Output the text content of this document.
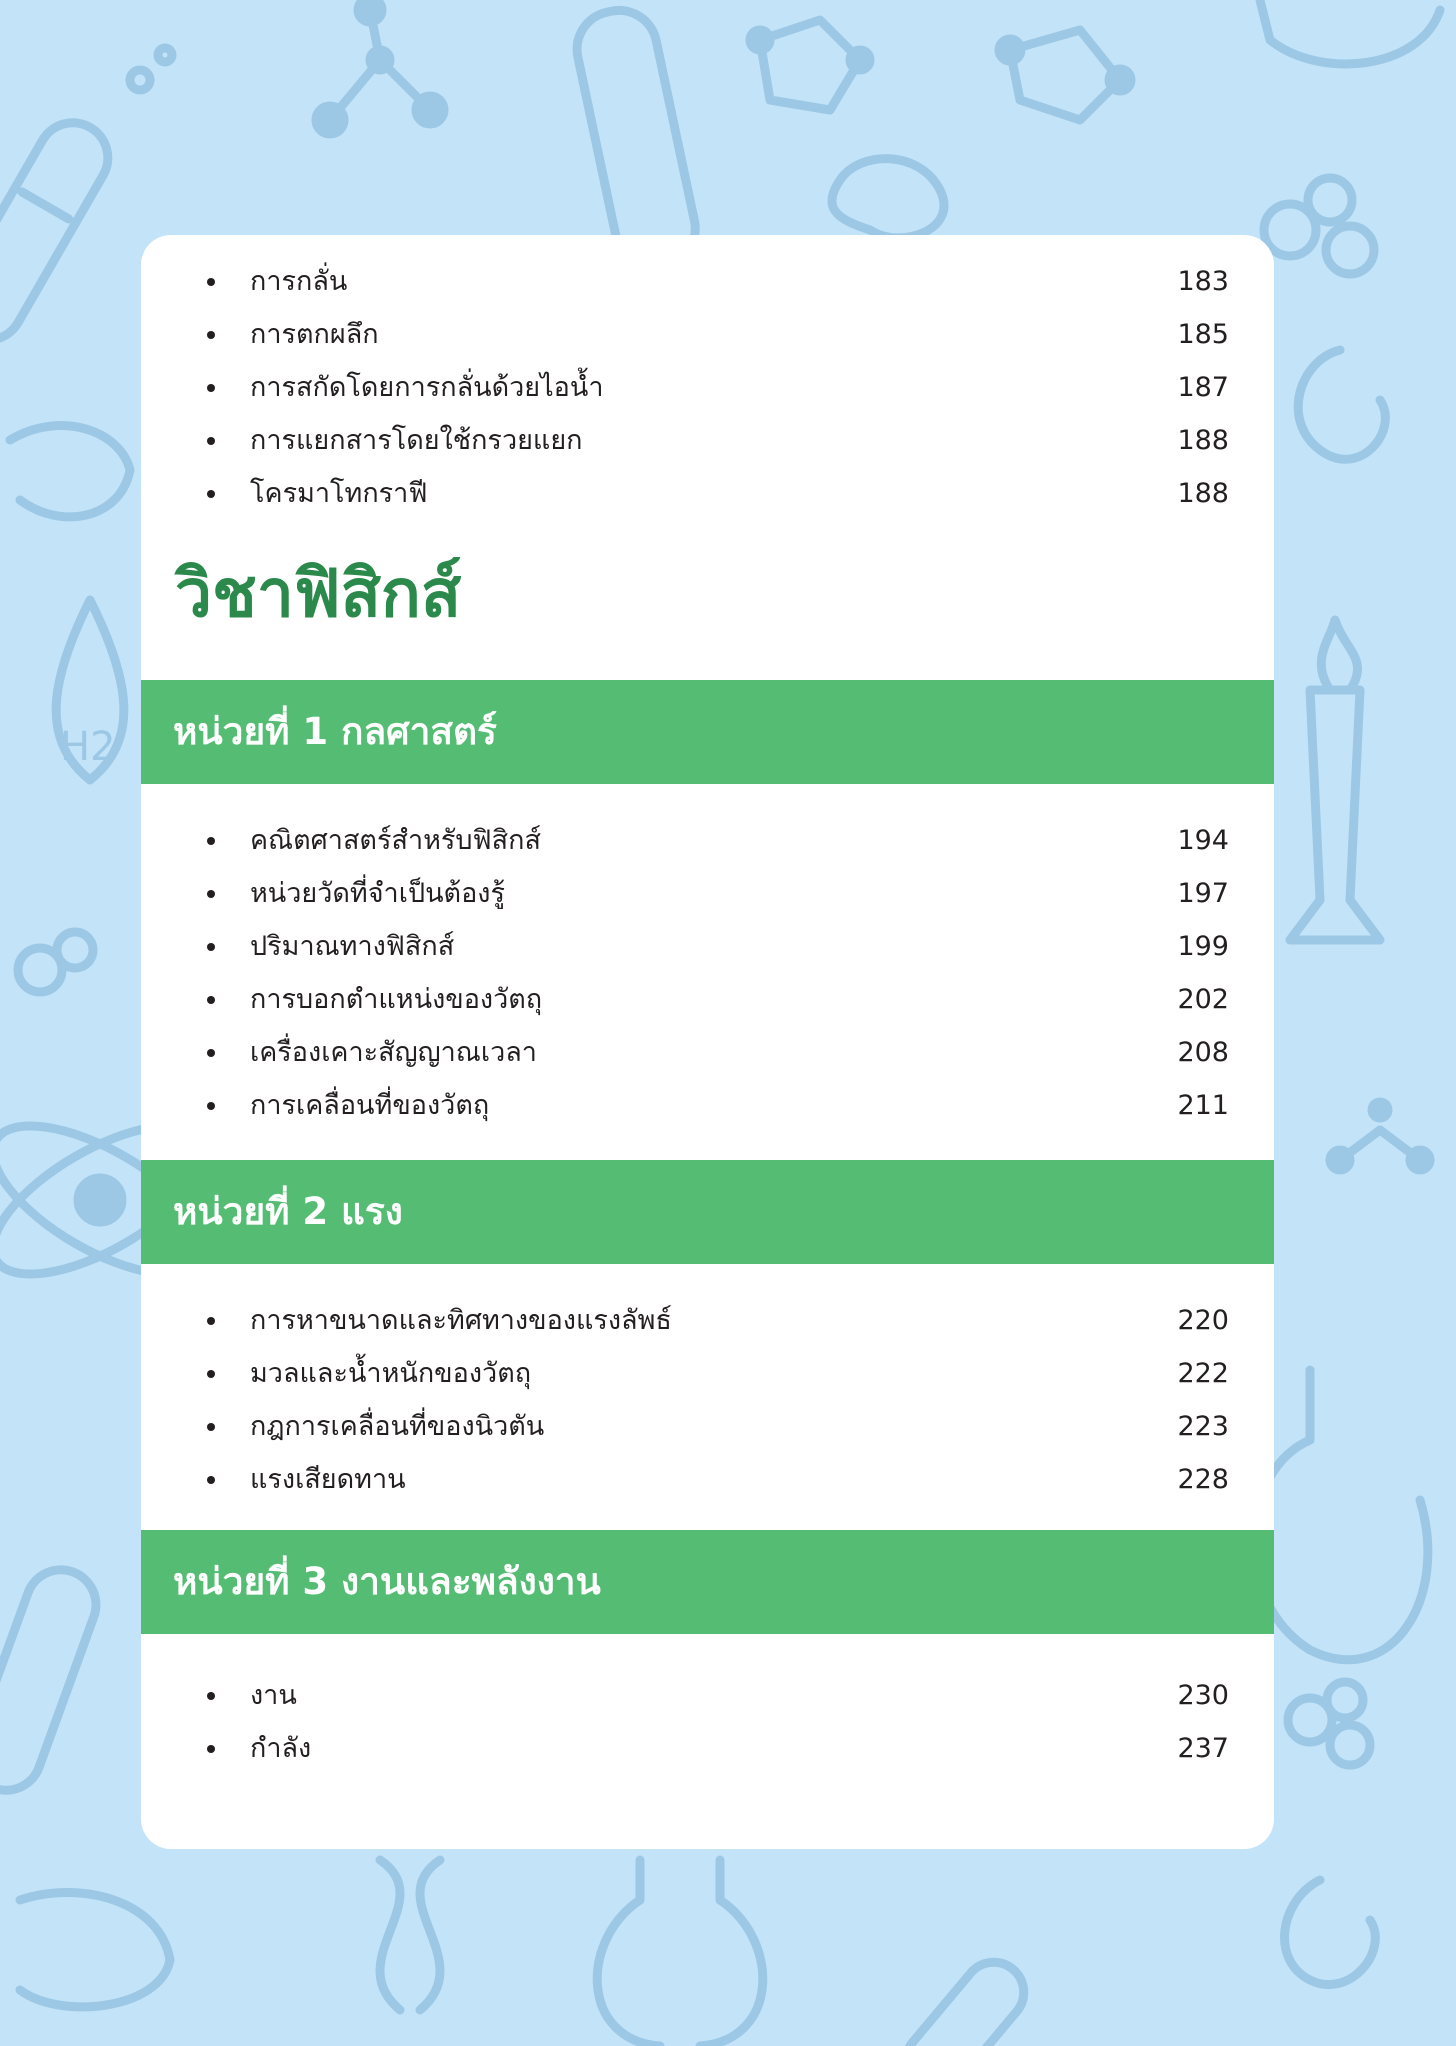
H2
การกลั่น	183
การตกผลึก	185
การสกัดโดยการกลั่นด้วยไอน้ำ	187
การแยกสารโดยใช้กรวยแยก	188
โครมาโทกราฟี	188
วิชาฟิสิกส์
หน่วยที่ 1 กลศาสตร์
คณิตศาสตร์สำหรับฟิสิกส์	194
หน่วยวัดที่จำเป็นต้องรู้	197
ปริมาณทางฟิสิกส์	199
การบอกตำแหน่งของวัตถุ	202
เครื่องเคาะสัญญาณเวลา	208
การเคลื่อนที่ของวัตถุ	211
หน่วยที่ 2 แรง
การหาขนาดและทิศทางของแรงลัพธ์	220
มวลและน้ำหนักของวัตถุ	222
กฎการเคลื่อนที่ของนิวตัน	223
แรงเสียดทาน	228
หน่วยที่ 3 งานและพลังงาน
งาน	230
กำลัง	237
